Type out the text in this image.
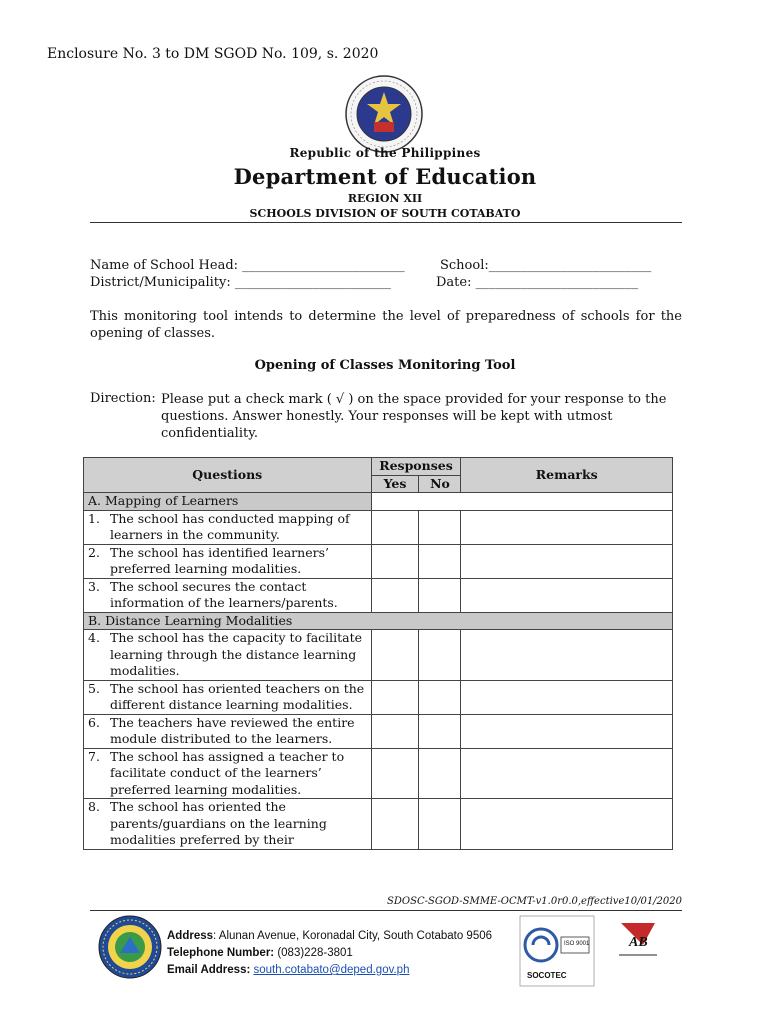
Enclosure No. 3 to DM SGOD No. 109, s. 2020
Republic of the Philippines
Department of Education
REGION XII
SCHOOLS DIVISION OF SOUTH COTABATO
Name of School Head: _________________________	School:_________________________
District/Municipality: ________________________	Date: _________________________
This monitoring tool intends to determine the level of preparedness of schools for the opening of classes.
Opening of Classes Monitoring Tool
Direction: Please put a check mark ( √ ) on the space provided for your response to the questions. Answer honestly. Your responses will be kept with utmost confidentiality.
Questions	Responses		Remarks
	Yes	No	
A. Mapping of Learners			

1. The school has conducted mapping of learners in the community.			

2. The school has identified learners’ preferred learning modalities.			

3. The school secures the contact information of the learners/parents.			

B. Distance Learning Modalities			

4. The school has the capacity to facilitate learning through the distance learning modalities.			

5. The school has oriented teachers on the different distance learning modalities.			

6. The teachers have reviewed the entire module distributed to the learners.			

7. The school has assigned a teacher to facilitate conduct of the learners’ preferred learning modalities.			

8. The school has oriented the parents/guardians on the learning modalities preferred by their			

SDOSC-SGOD-SMME-OCMT-v1.0r0.0,effective10/01/2020
Address: Alunan Avenue, Koronadal City, South Cotabato 9506
Telephone Number: (083)228-3801
Email Address: south.cotabato@deped.gov.ph
ISO 9001
SOCOTEC
AB
